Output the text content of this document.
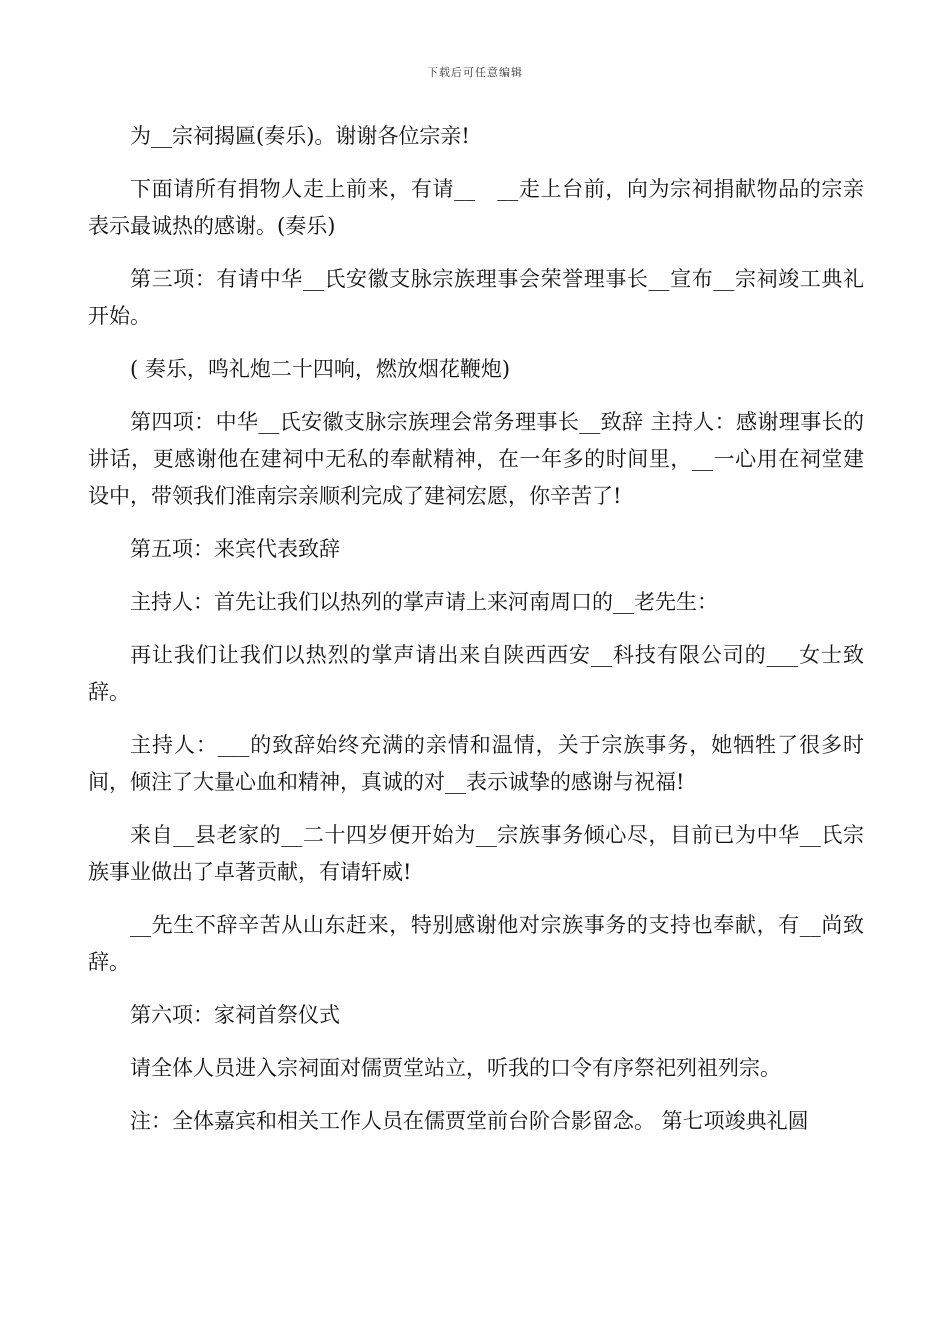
下载后可任意编辑

为__宗祠揭匾(奏乐)。谢谢各位宗亲!

下面请所有捐物人走上前来，有请__　__走上台前，向为宗祠捐献物品的宗亲表示最诚热的感谢。(奏乐)

第三项：有请中华__氏安徽支脉宗族理事会荣誉理事长__宣布__宗祠竣工典礼开始。

( 奏乐，鸣礼炮二十四响，燃放烟花鞭炮)

第四项：中华__氏安徽支脉宗族理会常务理事长__致辞 主持人：感谢理事长的讲话，更感谢他在建祠中无私的奉献精神，在一年多的时间里，__一心用在祠堂建设中，带领我们淮南宗亲顺利完成了建祠宏愿，你辛苦了!

第五项：来宾代表致辞

主持人：首先让我们以热列的掌声请上来河南周口的__老先生：

再让我们让我们以热烈的掌声请出来自陕西西安__科技有限公司的___女士致辞。

主持人：___的致辞始终充满的亲情和温情，关于宗族事务，她牺牲了很多时间，倾注了大量心血和精神，真诚的对__表示诚挚的感谢与祝福!

来自__县老家的__二十四岁便开始为__宗族事务倾心尽，目前已为中华__氏宗族事业做出了卓著贡献，有请轩威!

__先生不辞辛苦从山东赶来，特别感谢他对宗族事务的支持也奉献，有__尚致辞。

第六项：家祠首祭仪式

请全体人员进入宗祠面对儒贾堂站立，听我的口令有序祭祀列祖列宗。

注：全体嘉宾和相关工作人员在儒贾堂前台阶合影留念。 第七项竣典礼圆
